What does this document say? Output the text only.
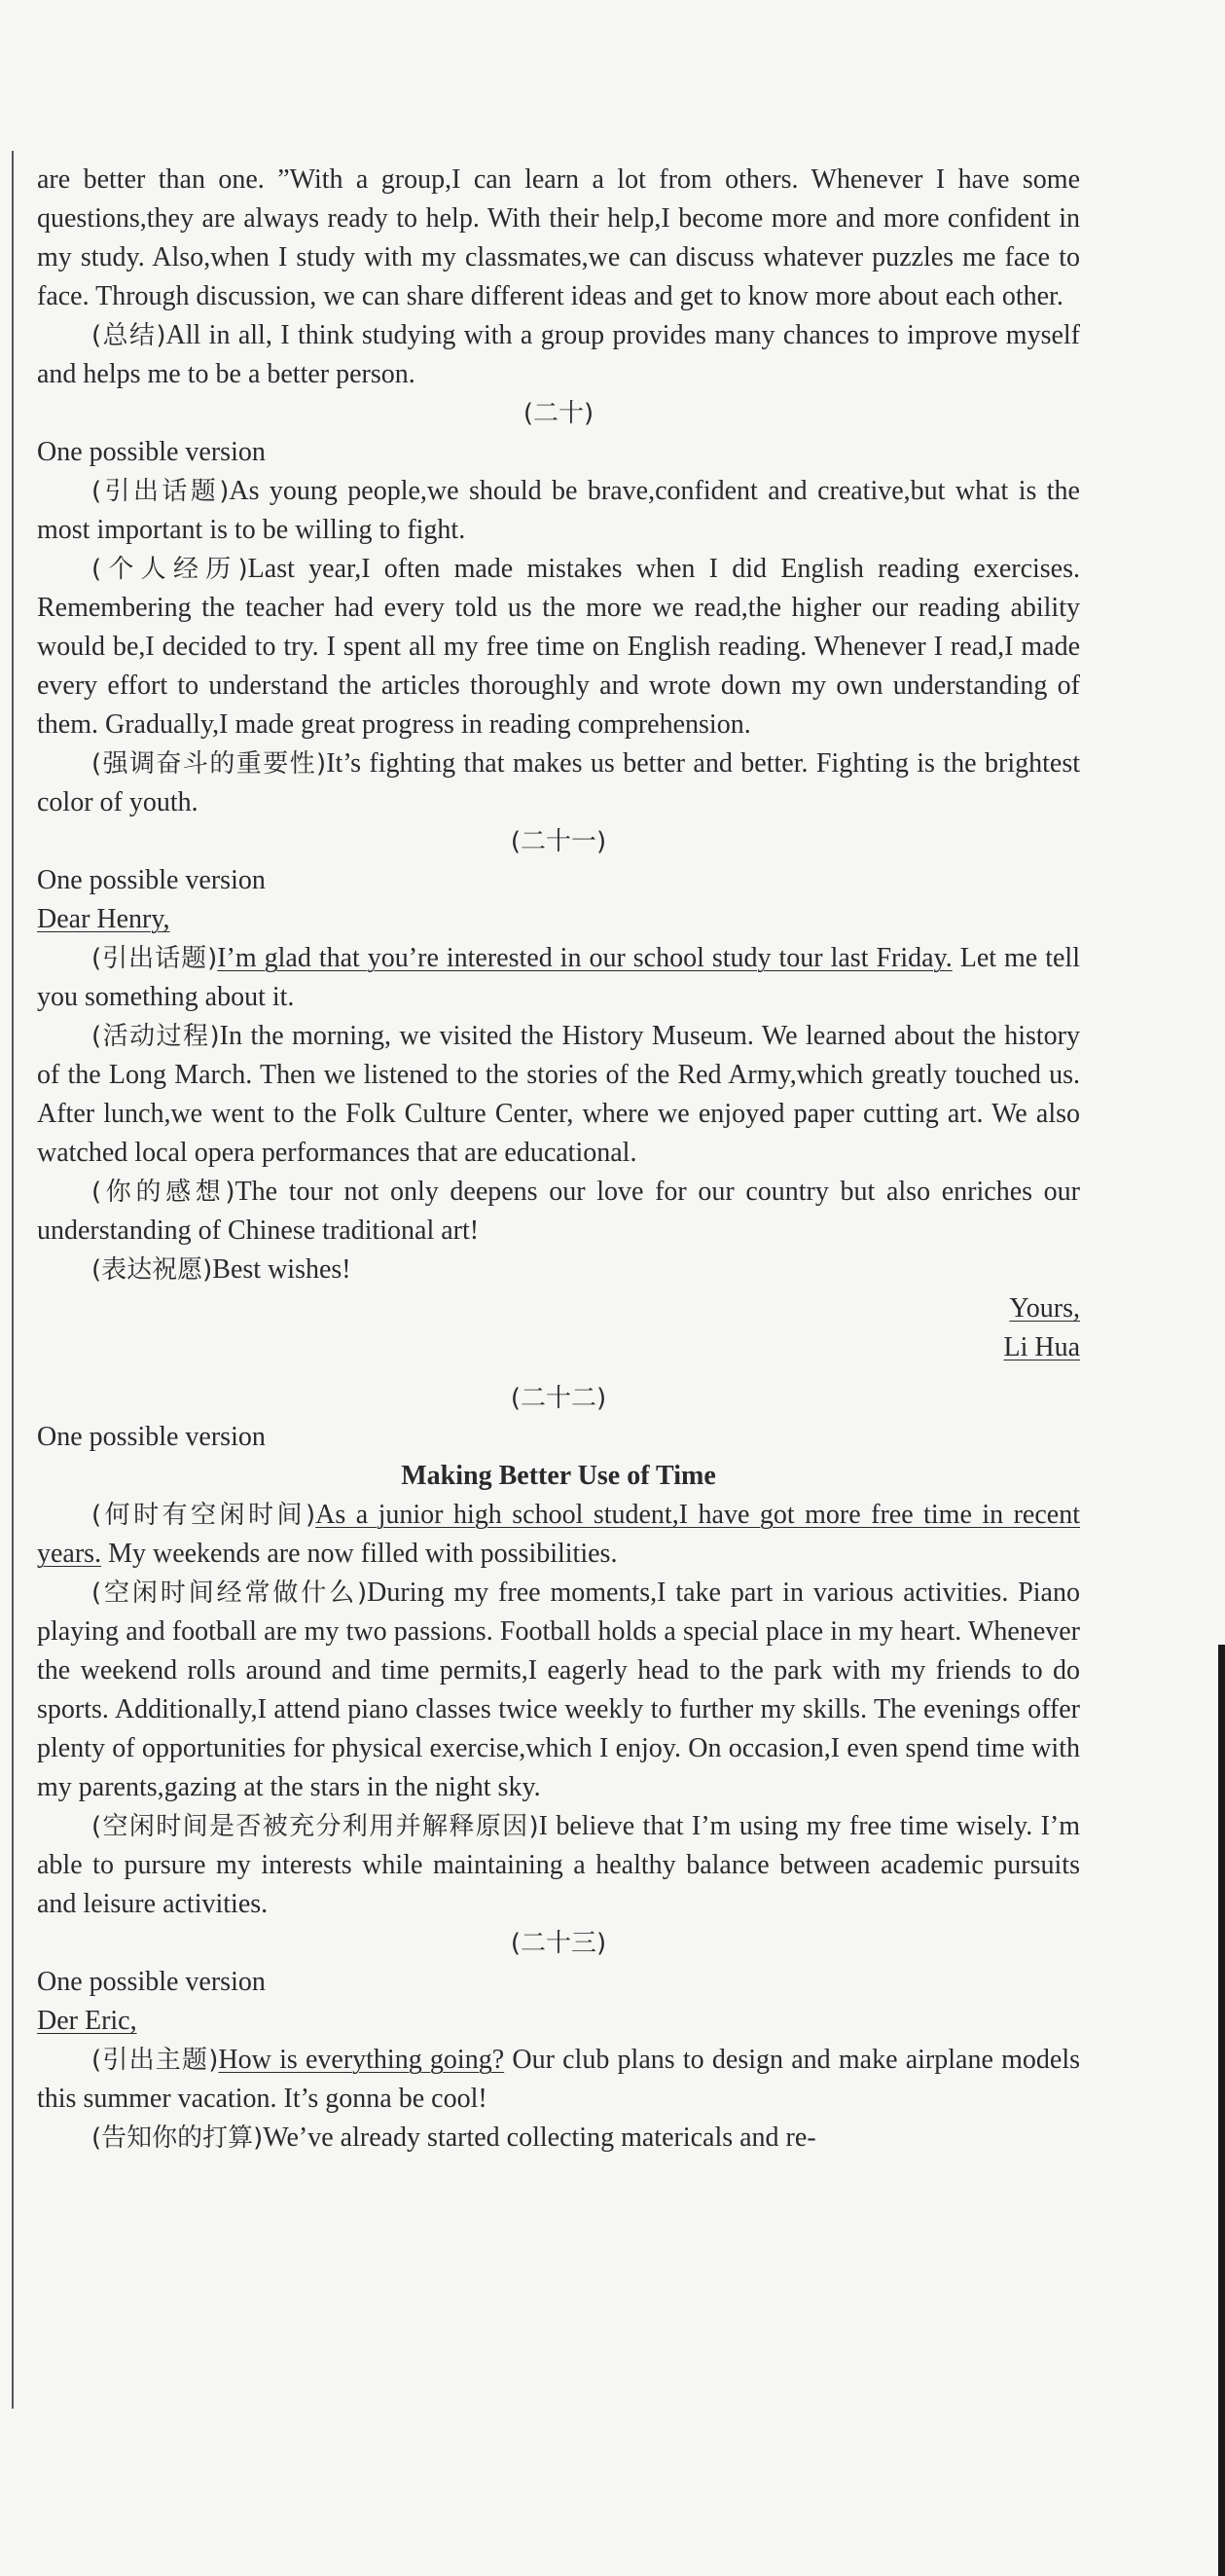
are better than one. ”With a group,I can learn a lot from others. Whenever I have some questions,they are always ready to help. With their help,I become more and more confident in my study. Also,when I study with my classmates,we can discuss whatever puzzles me face to face. Through discussion, we can share different ideas and get to know more about each other.

(总结)All in all, I think studying with a group provides many chances to improve myself and helps me to be a better person.

(二十)

One possible version

(引出话题)As young people,we should be brave,confident and creative,but what is the most important is to be willing to fight.

(个人经历)Last year,I often made mistakes when I did English reading exercises. Remembering the teacher had every told us the more we read,the higher our reading ability would be,I decided to try. I spent all my free time on English reading. Whenever I read,I made every effort to understand the articles thoroughly and wrote down my own understanding of them. Gradually,I made great progress in reading comprehension.

(强调奋斗的重要性)It’s fighting that makes us better and better. Fighting is the brightest color of youth.

(二十一)

One possible version

Dear Henry,

(引出话题)I’m glad that you’re interested in our school study tour last Friday. Let me tell you something about it.

(活动过程)In the morning, we visited the History Museum. We learned about the history of the Long March. Then we listened to the stories of the Red Army,which greatly touched us. After lunch,we went to the Folk Culture Center, where we enjoyed paper cutting art. We also watched local opera performances that are educational.

(你的感想)The tour not only deepens our love for our country but also enriches our understanding of Chinese traditional art!

(表达祝愿)Best wishes!

Yours,

Li Hua

(二十二)

One possible version

Making Better Use of Time

(何时有空闲时间)As a junior high school student,I have got more free time in recent years. My weekends are now filled with possibilities.

(空闲时间经常做什么)During my free moments,I take part in various activities. Piano playing and football are my two passions. Football holds a special place in my heart. Whenever the weekend rolls around and time permits,I eagerly head to the park with my friends to do sports. Additionally,I attend piano classes twice weekly to further my skills. The evenings offer plenty of opportunities for physical exercise,which I enjoy. On occasion,I even spend time with my parents,gazing at the stars in the night sky.

(空闲时间是否被充分利用并解释原因)I believe that I’m using my free time wisely. I’m able to pursure my interests while maintaining a healthy balance between academic pursuits and leisure activities.

(二十三)

One possible version

Der Eric,

(引出主题)How is everything going? Our club plans to design and make airplane models this summer vacation. It’s gonna be cool!

(告知你的打算)We’ve already started collecting matericals and re-
